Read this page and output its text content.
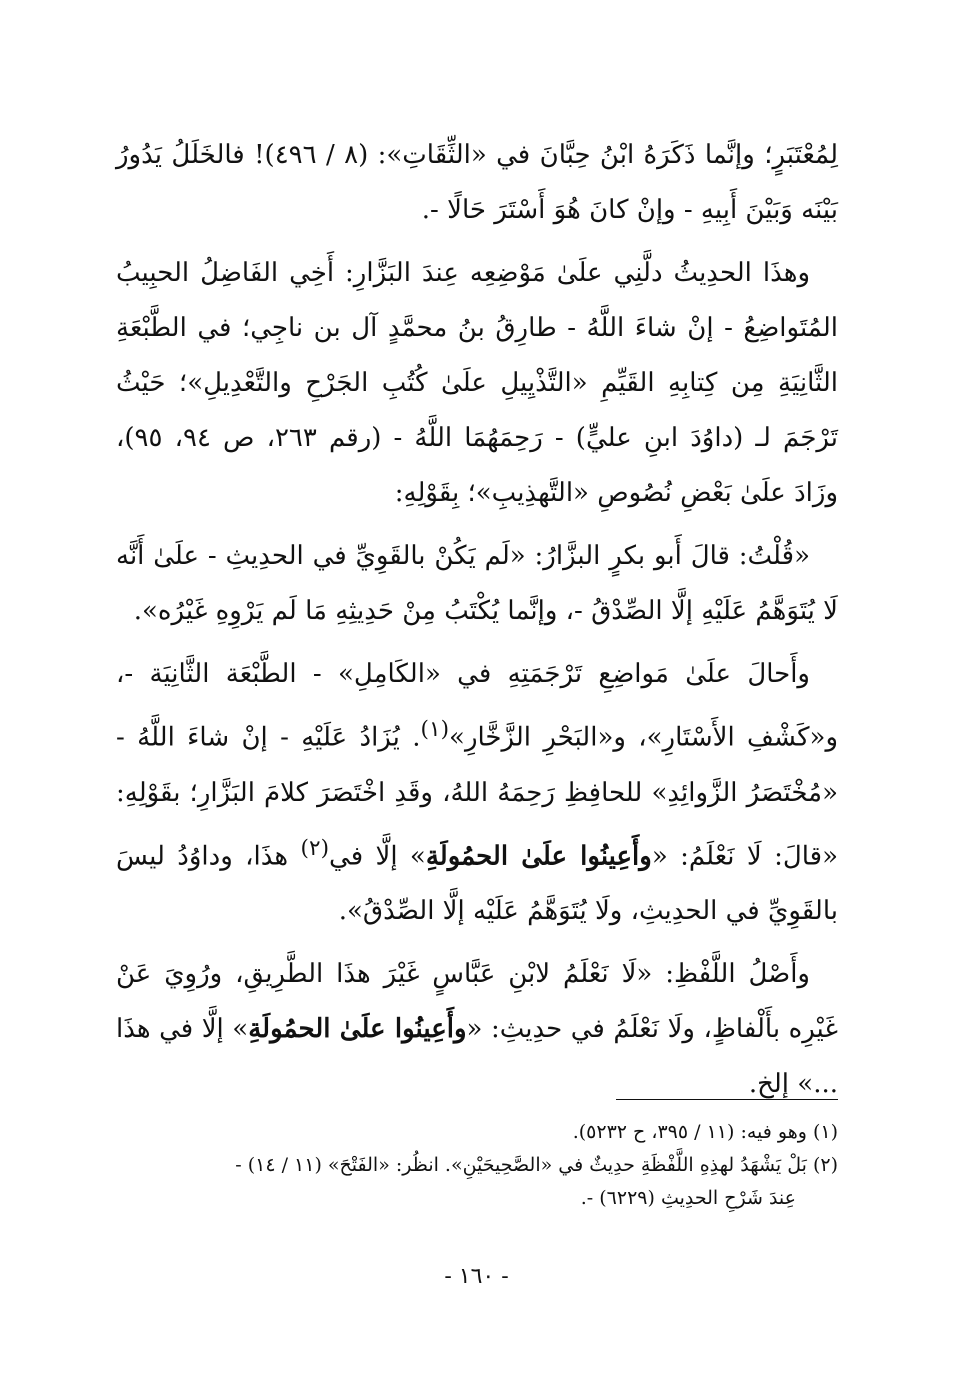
لِمُعْتَبَرٍ؛ وإنَّما ذَكَرَهُ ابْنُ حِبَّانَ في «الثِّقَاتِ»: (٨ / ٤٩٦)! فالخَلَلُ يَدُورُ بَيْنَه وَبَيْنَ أَبِيهِ - وإنْ كانَ هُوَ أَسْتَرَ حَالًا -.

وهذَا الحدِيثُ دلَّنِي علَىٰ مَوْضِعِه عِندَ البَزَّارِ: أَخِي الفَاضِلُ الحبِيبُ المُتَواضِعُ - إنْ شاءَ اللَّهُ - طارِقُ بنُ محمَّدٍ آل بن ناجِي؛ في الطَّبْعَةِ الثَّانِيَةِ مِن كِتابِهِ القَيِّمِ «التَّذْيِيلِ علَىٰ كُتُبِ الجَرْحِ والتَّعْدِيلِ»؛ حَيْثُ تَرْجَمَ لـ (داوُدَ ابنِ عليٍّ) - رَحِمَهُمَا اللَّهُ - (رقم ٢٦٣، ص ٩٤، ٩٥)، وزَادَ علَىٰ بَعْضِ نُصُوصِ «التَّهذِيبِ»؛ بِقَوْلِهِ:

«قُلْتُ: قالَ أَبو بكرٍ البزَّارُ: «لَم يَكُنْ بالقَوِيِّ في الحدِيثِ - علَىٰ أَنَّه لَا يُتَوَهَّمُ عَلَيْهِ إلَّا الصِّدْقُ -، وإنَّما يُكْتَبُ مِنْ حَدِيثِهِ مَا لَم يَرْوِهِ غَيْرُه».

وأَحالَ علَىٰ مَواضِعِ تَرْجَمَتِهِ في «الكَامِلِ» - الطَّبْعَة الثَّانِيَة -، و«كَشْفِ الأَسْتَارِ»، و«البَحْرِ الزَّخَّارِ»$^{(١)}$. يُزَادُ عَلَيْهِ - إنْ شاءَ اللَّهُ - «مُخْتَصَرُ الزَّوائِدِ» للحافِظِ رَحِمَهُ اللهُ، وقَدِ اخْتَصَرَ كلامَ البَزَّارِ؛ بقَوْلِهِ: «قالَ: لَا نَعْلَمُ: «وأَعِينُوا علَىٰ الحمُولَةِ» إلَّا في$^{(٢)}$ هذَا، وداوُدُ ليسَ بالقَوِيِّ في الحدِيثِ، ولَا يُتَوَهَّمُ عَلَيْه إلَّا الصِّدْقُ».

وأَصْلُ اللَّفْظِ: «لَا نَعْلَمُ لابْنِ عَبَّاسٍ غَيْرَ هذَا الطَّرِيقِ، ورُوِيَ عَنْ غَيْرِه بأَلْفاظٍ، ولَا نَعْلَمُ في حدِيثِ: «وأَعِينُوا علَىٰ الحمُولَةِ» إلَّا في هذَا ...» إلخ.

(١) وهو فيه: (١١ / ٣٩٥، ح ٥٢٣٢).

(٢) بَلْ يَشْهَدُ لهذِهِ اللَّفْظَةِ حدِيثٌ في «الصَّحِيحَيْنِ». انظُر: «الفَتْحَ» (١١ / ١٤) -

عِندَ شَرْحِ الحدِيثِ (٦٢٢٩) -.

- ١٦٠ -
